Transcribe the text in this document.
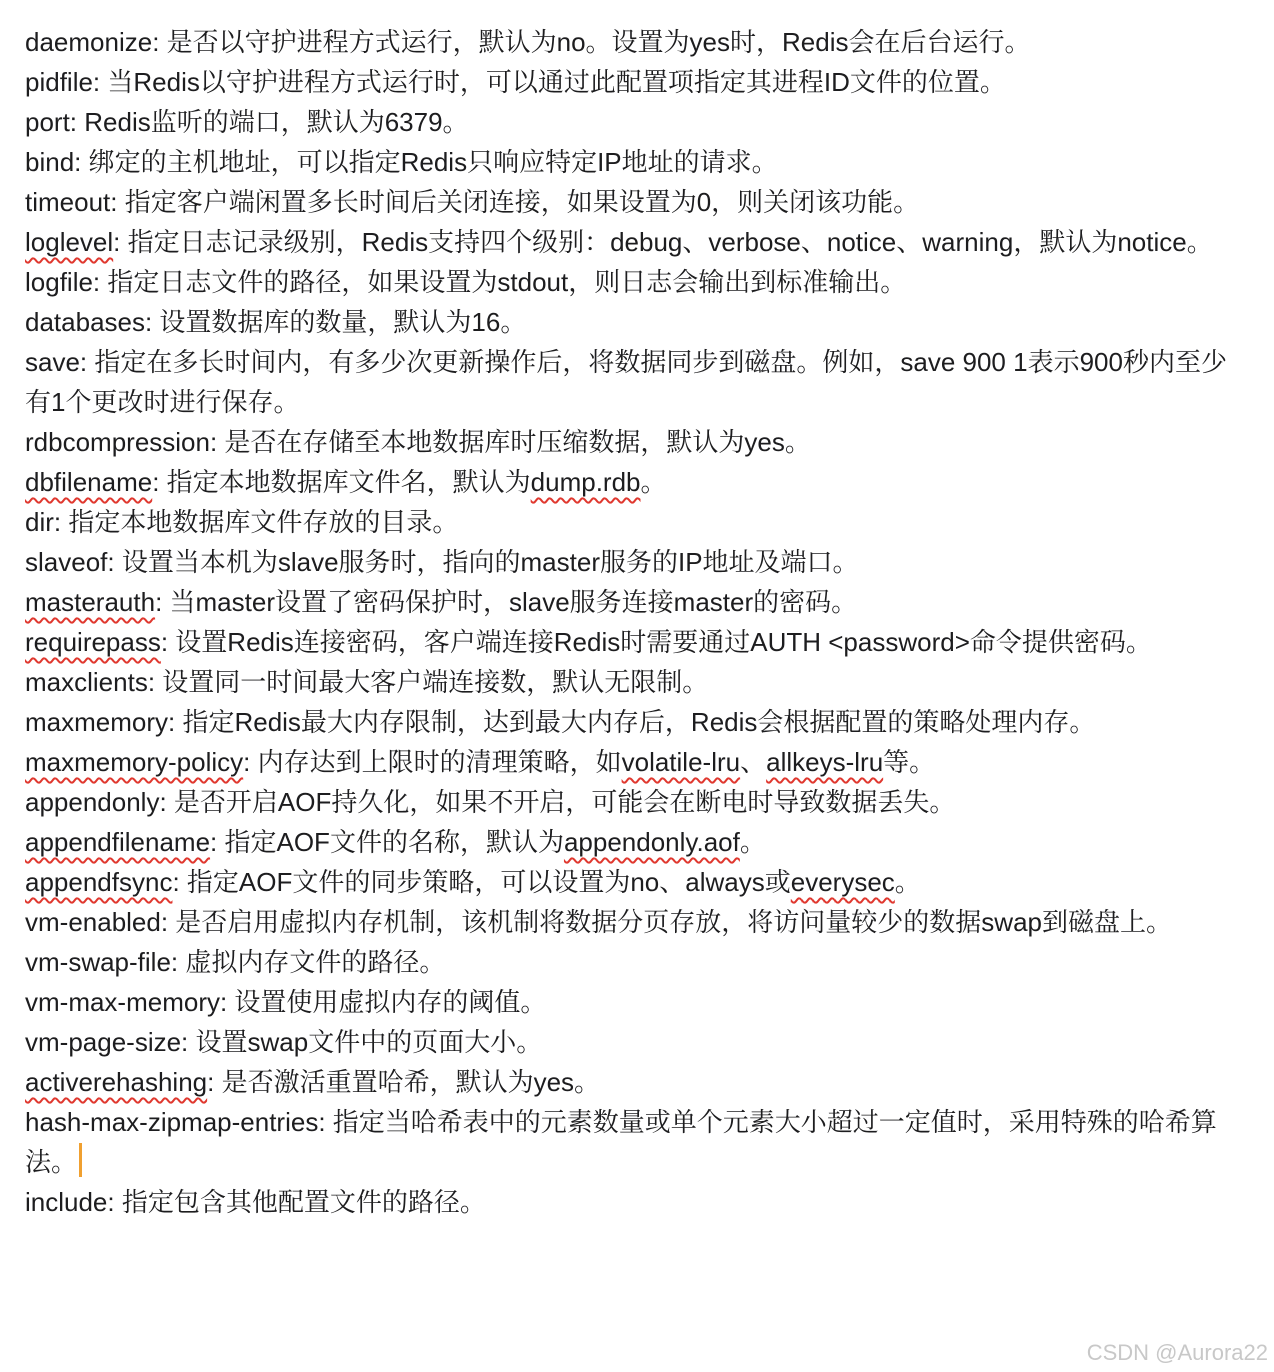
daemonize: 是否以守护进程方式运行，默认为no。设置为yes时，Redis会在后台运行。

pidfile: 当Redis以守护进程方式运行时，可以通过此配置项指定其进程ID文件的位置。

port: Redis监听的端口，默认为6379。

bind: 绑定的主机地址，可以指定Redis只响应特定IP地址的请求。

timeout: 指定客户端闲置多长时间后关闭连接，如果设置为0，则关闭该功能。

loglevel: 指定日志记录级别，Redis支持四个级别：debug、verbose、notice、warning，默认为notice。

logfile: 指定日志文件的路径，如果设置为stdout，则日志会输出到标准输出。

databases: 设置数据库的数量，默认为16。

save: 指定在多长时间内，有多少次更新操作后，将数据同步到磁盘。例如，save 900 1表示900秒内至少有1个更改时进行保存。

rdbcompression: 是否在存储至本地数据库时压缩数据，默认为yes。

dbfilename: 指定本地数据库文件名，默认为dump.rdb。

dir: 指定本地数据库文件存放的目录。

slaveof: 设置当本机为slave服务时，指向的master服务的IP地址及端口。

masterauth: 当master设置了密码保护时，slave服务连接master的密码。

requirepass: 设置Redis连接密码，客户端连接Redis时需要通过AUTH <password>命令提供密码。

maxclients: 设置同一时间最大客户端连接数，默认无限制。

maxmemory: 指定Redis最大内存限制，达到最大内存后，Redis会根据配置的策略处理内存。

maxmemory-policy: 内存达到上限时的清理策略，如volatile-lru、allkeys-lru等。

appendonly: 是否开启AOF持久化，如果不开启，可能会在断电时导致数据丢失。

appendfilename: 指定AOF文件的名称，默认为appendonly.aof。

appendfsync: 指定AOF文件的同步策略，可以设置为no、always或everysec。

vm-enabled: 是否启用虚拟内存机制，该机制将数据分页存放，将访问量较少的数据swap到磁盘上。

vm-swap-file: 虚拟内存文件的路径。

vm-max-memory: 设置使用虚拟内存的阈值。

vm-page-size: 设置swap文件中的页面大小。

activerehashing: 是否激活重置哈希，默认为yes。

hash-max-zipmap-entries: 指定当哈希表中的元素数量或单个元素大小超过一定值时，采用特殊的哈希算法。

include: 指定包含其他配置文件的路径。

CSDN @Aurora22
